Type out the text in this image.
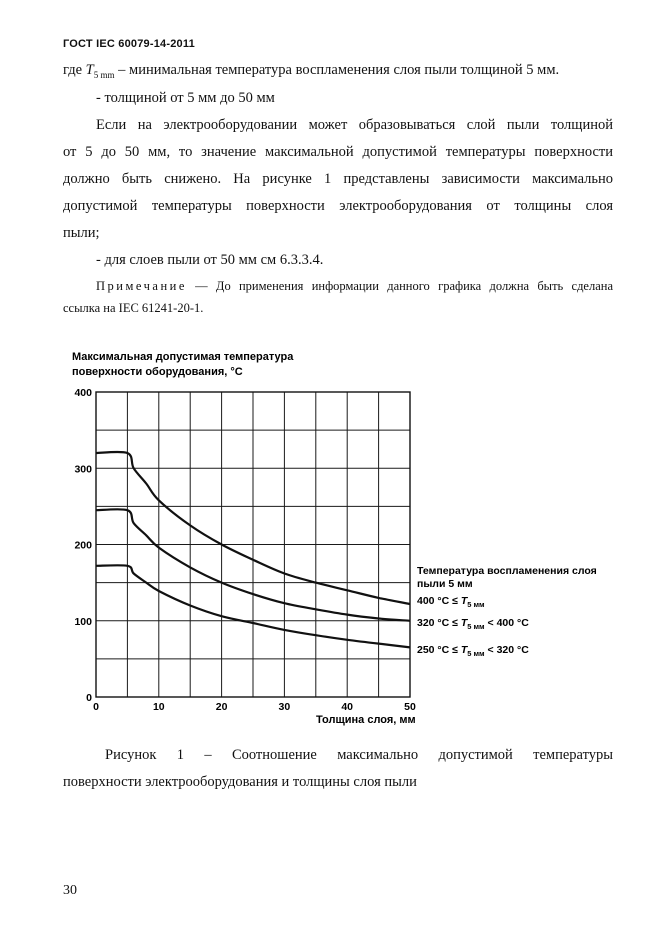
ГОСТ IEC 60079-14-2011
где $T_{5 mm}$ – минимальная температура воспламенения слоя пыли толщиной 5 мм.
- толщиной от 5 мм до 50 мм
Если на электрооборудовании может образовываться слой пыли толщиной
от 5 до 50 мм, то значение максимальной допустимой температуры поверхности
должно быть снижено. На рисунке 1 представлены зависимости максимально
допустимой температуры поверхности электрооборудования от толщины слоя
пыли;
- для слоев пыли от 50 мм см 6.3.3.4.
Примечание — До применения информации данного графика должна быть сделана
ссылка на IEC 61241-20-1.
Максимальная допустимая температура
поверхности оборудования, °С
0	10	20	30	40	50
0
100
200
300
400
Толщина слоя, мм
Температура воспламенения слоя
пыли 5 мм
400 $^\circ С \le T_{5 мм}$
320 $^\circ С \le T_{5 мм} < 400$ °С
250 $^\circ С \le T_{5 мм} < 320$ °С
Рисунок 1 – Соотношение максимально допустимой температуры
поверхности электрооборудования и толщины слоя пыли
30
